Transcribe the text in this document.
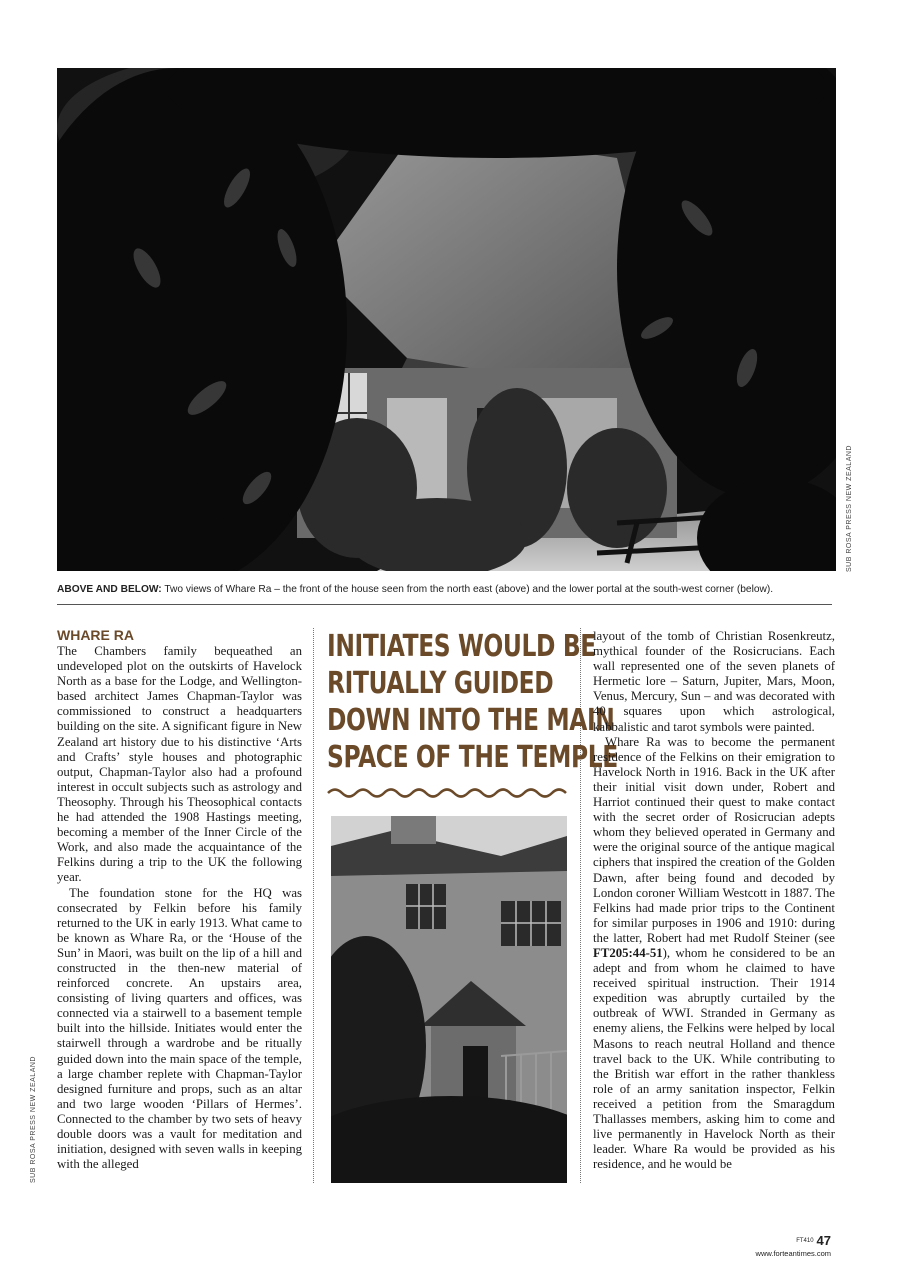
SUB ROSA PRESS NEW ZEALAND
ABOVE AND BELOW: Two views of Whare Ra – the front of the house seen from the north east (above) and the lower portal at the south-west corner (below).
WHARE RA

The Chambers family bequeathed an undeveloped plot on the outskirts of Havelock North as a base for the Lodge, and Wellington-based architect James Chapman-Taylor was commissioned to construct a headquarters building on the site. A significant figure in New Zealand art history due to his distinctive ‘Arts and Crafts’ style houses and photographic output, Chapman-Taylor also had a profound interest in occult subjects such as astrology and Theosophy. Through his Theosophical contacts he had attended the 1908 Hastings meeting, becoming a member of the Inner Circle of the Work, and also made the acquaintance of the Felkins during a trip to the UK the following year.

The foundation stone for the HQ was consecrated by Felkin before his family returned to the UK in early 1913. What came to be known as Whare Ra, or the ‘House of the Sun’ in Maori, was built on the lip of a hill and constructed in the then-new material of reinforced concrete. An upstairs area, consisting of living quarters and offices, was connected via a stairwell to a basement temple built into the hillside. Initiates would enter the stairwell through a wardrobe and be ritually guided down into the main space of the temple, a large chamber replete with Chapman-Taylor designed furniture and props, such as an altar and two large wooden ‘Pillars of Hermes’. Connected to the chamber by two sets of heavy double doors was a vault for meditation and initiation, designed with seven walls in keeping with the alleged

INITIATES WOULD BE
RITUALLY GUIDED
DOWN INTO THE MAIN
SPACE OF THE TEMPLE

layout of the tomb of Christian Rosenkreutz, mythical founder of the Rosicrucians. Each wall represented one of the seven planets of Hermetic lore – Saturn, Jupiter, Mars, Moon, Venus, Mercury, Sun – and was decorated with 40 squares upon which astrological, kabbalistic and tarot symbols were painted.

Whare Ra was to become the permanent residence of the Felkins on their emigration to Havelock North in 1916. Back in the UK after their initial visit down under, Robert and Harriot continued their quest to make contact with the secret order of Rosicrucian adepts whom they believed operated in Germany and were the original source of the antique magical ciphers that inspired the creation of the Golden Dawn, after being found and decoded by London coroner William Westcott in 1887. The Felkins had made prior trips to the Continent for similar purposes in 1906 and 1910: during the latter, Robert had met Rudolf Steiner (see FT205:44-51), whom he considered to be an adept and from whom he claimed to have received spiritual instruction. Their 1914 expedition was abruptly curtailed by the outbreak of WWI. Stranded in Germany as enemy aliens, the Felkins were helped by local Masons to reach neutral Holland and thence travel back to the UK. While contributing to the British war effort in the rather thankless role of an army sanitation inspector, Felkin received a petition from the Smaragdum Thallasses members, asking him to come and live permanently in Havelock North as their leader. Whare Ra would be provided as his residence, and he would be

SUB ROSA PRESS NEW ZEALAND
FT410 47
www.forteantimes.com
